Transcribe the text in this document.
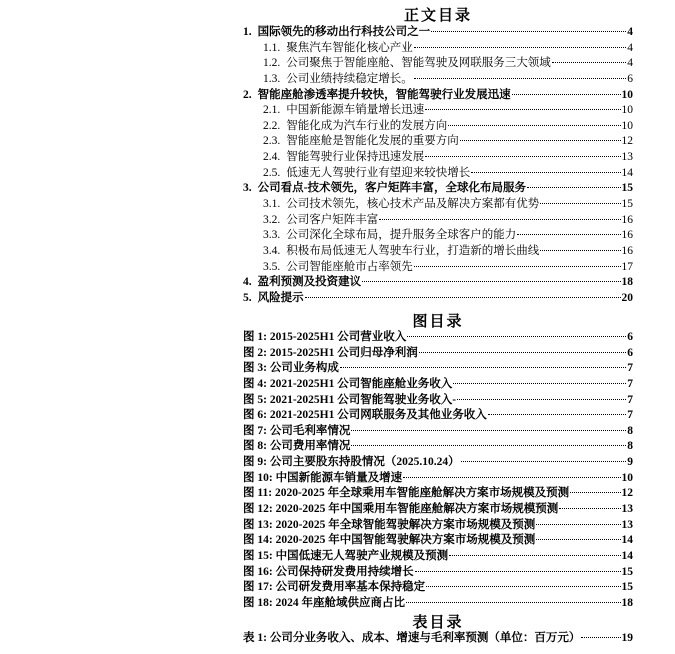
正文目录
1. 国际领先的移动出行科技公司之一	4
1.1. 聚焦汽车智能化核心产业	4
1.2. 公司聚焦于智能座舱、智能驾驶及网联服务三大领域	4
1.3. 公司业绩持续稳定增长。	6
2. 智能座舱渗透率提升较快，智能驾驶行业发展迅速	10
2.1. 中国新能源车销量增长迅速	10
2.2. 智能化成为汽车行业的发展方向	10
2.3. 智能座舱是智能化发展的重要方向	12
2.4. 智能驾驶行业保持迅速发展	13
2.5. 低速无人驾驶行业有望迎来较快增长	14
3. 公司看点-技术领先，客户矩阵丰富，全球化布局服务	15
3.1. 公司技术领先，核心技术产品及解决方案都有优势	15
3.2. 公司客户矩阵丰富	16
3.3. 公司深化全球布局，提升服务全球客户的能力	16
3.4. 积极布局低速无人驾驶车行业，打造新的增长曲线	16
3.5. 公司智能座舱市占率领先	17
4. 盈利预测及投资建议	18
5. 风险提示	20
图目录
图 1: 2015-2025H1 公司营业收入	6
图 2: 2015-2025H1 公司归母净利润	6
图 3: 公司业务构成	7
图 4: 2021-2025H1 公司智能座舱业务收入	7
图 5: 2021-2025H1 公司智能驾驶业务收入-	7
图 6: 2021-2025H1 公司网联服务及其他业务收入	7
图 7: 公司毛利率情况	8
图 8: 公司费用率情况	8
图 9: 公司主要股东持股情况（2025.10.24）	9
图 10: 中国新能源车销量及增速	10
图 11: 2020-2025 年全球乘用车智能座舱解决方案市场规模及预测	12
图 12: 2020-2025 年中国乘用车智能座舱解决方案市场规模预测	13
图 13: 2020-2025 年全球智能驾驶解决方案市场规模及预测	13
图 14: 2020-2025 年中国智能驾驶解决方案市场规模及预测	14
图 15: 中国低速无人驾驶产业规模及预测	14
图 16: 公司保持研发费用持续增长	15
图 17: 公司研发费用率基本保持稳定	15
图 18: 2024 年座舱域供应商占比	18
表目录
表 1: 公司分业务收入、成本、增速与毛利率预测（单位：百万元）	19
